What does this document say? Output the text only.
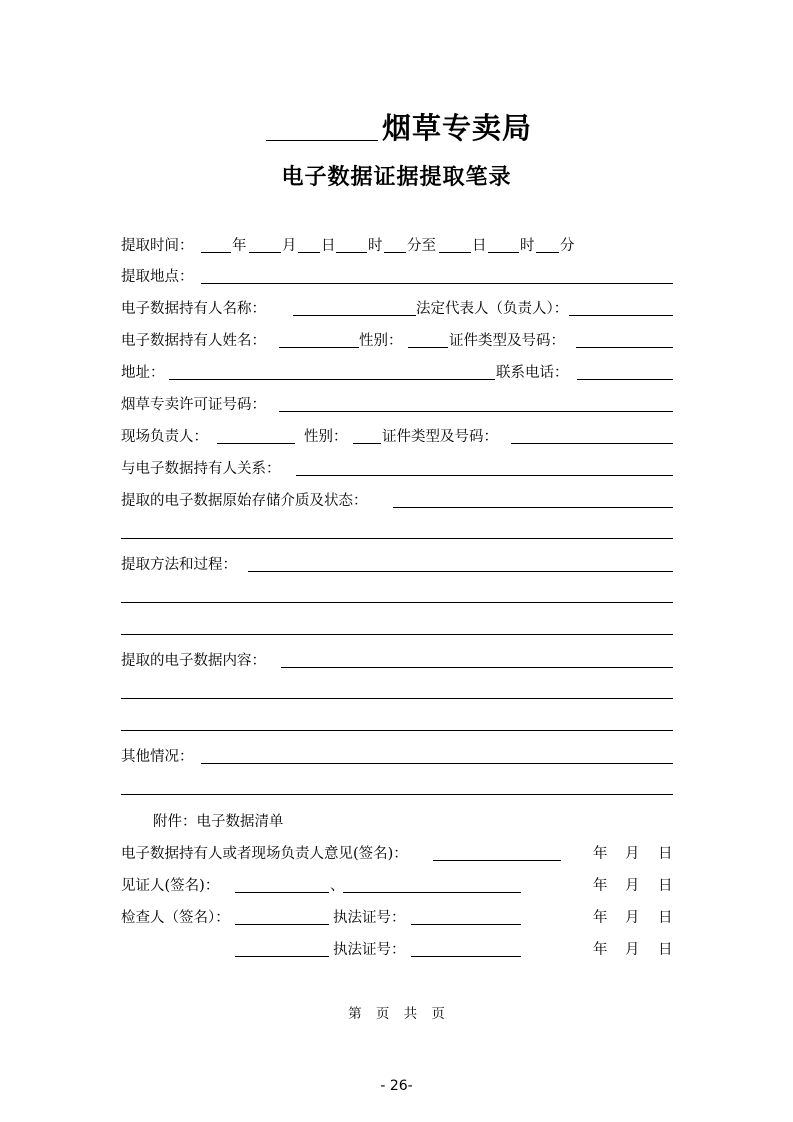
烟草专卖局
电子数据证据提取笔录
提取时间：	年 月 日 时 分至 日 时 分
提取地点：
电子数据持有人名称：	法定代表人（负责人）：
电子数据持有人姓名：	性别：	证件类型及号码：
地址：	联系电话：
烟草专卖许可证号码：
现场负责人：	性别： 证件类型及号码：
与电子数据持有人关系：
提取的电子数据原始存储介质及状态：
提取方法和过程：
提取的电子数据内容：
其他情况：
附件：电子数据清单
电子数据持有人或者现场负责人意见(签名)：	年 月 日
见证人(签名)：	、	年 月 日
检查人（签名）：	执法证号：	年 月 日
执法证号：	年 月 日
第 页 共 页
- 26-
